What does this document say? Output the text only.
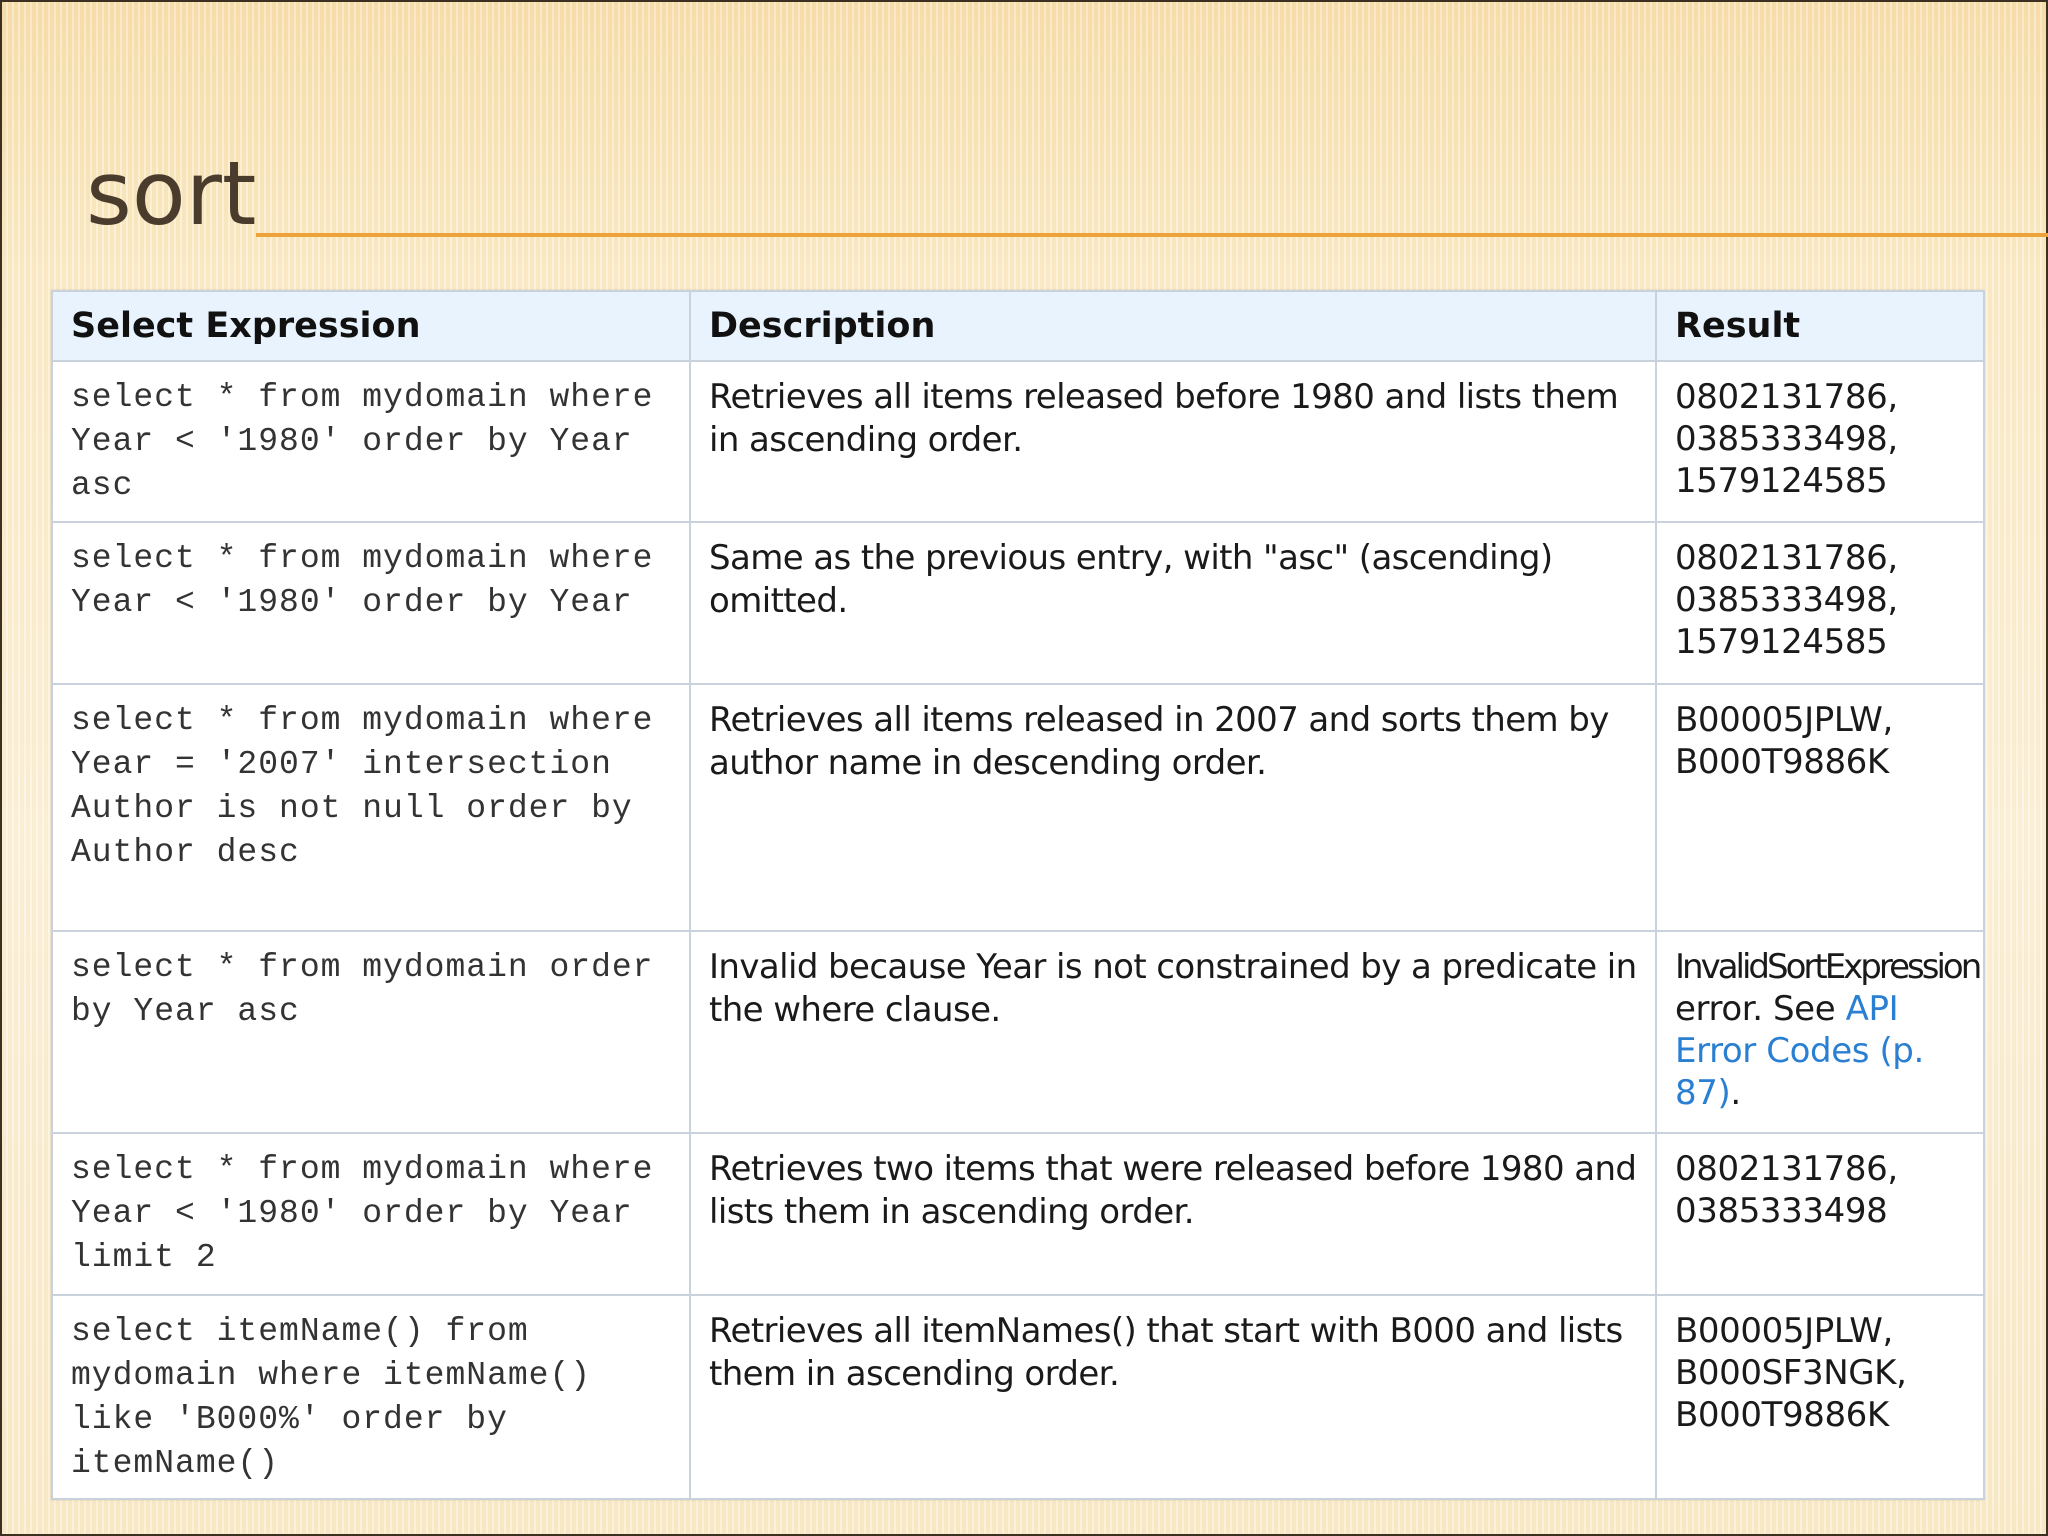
sort
Select Expression	Description	Result
select * from mydomain where Year < '1980' order by Year asc	Retrieves all items released before 1980 and lists them in ascending order.	0802131786,
0385333498,
1579124585

select * from mydomain where Year < '1980' order by Year	Same as the previous entry, with "asc" (ascending) omitted.	0802131786,
0385333498,
1579124585

select * from mydomain where Year = '2007' intersection Author is not null order by Author desc	Retrieves all items released in 2007 and sorts them by author name in descending order.	B00005JPLW,
B000T9886K

select * from mydomain order by Year asc	Invalid because Year is not constrained by a predicate in the where clause.	InvalidSortExpression
error. See API Error Codes (p. 87).
select * from mydomain where Year < '1980' order by Year limit 2	Retrieves two items that were released before 1980 and lists them in ascending order.	0802131786,
0385333498

select itemName() from mydomain where itemName() like 'B000%' order by itemName()	Retrieves all itemNames() that start with B000 and lists them in ascending order.	B00005JPLW,
B000SF3NGK,
B000T9886K
